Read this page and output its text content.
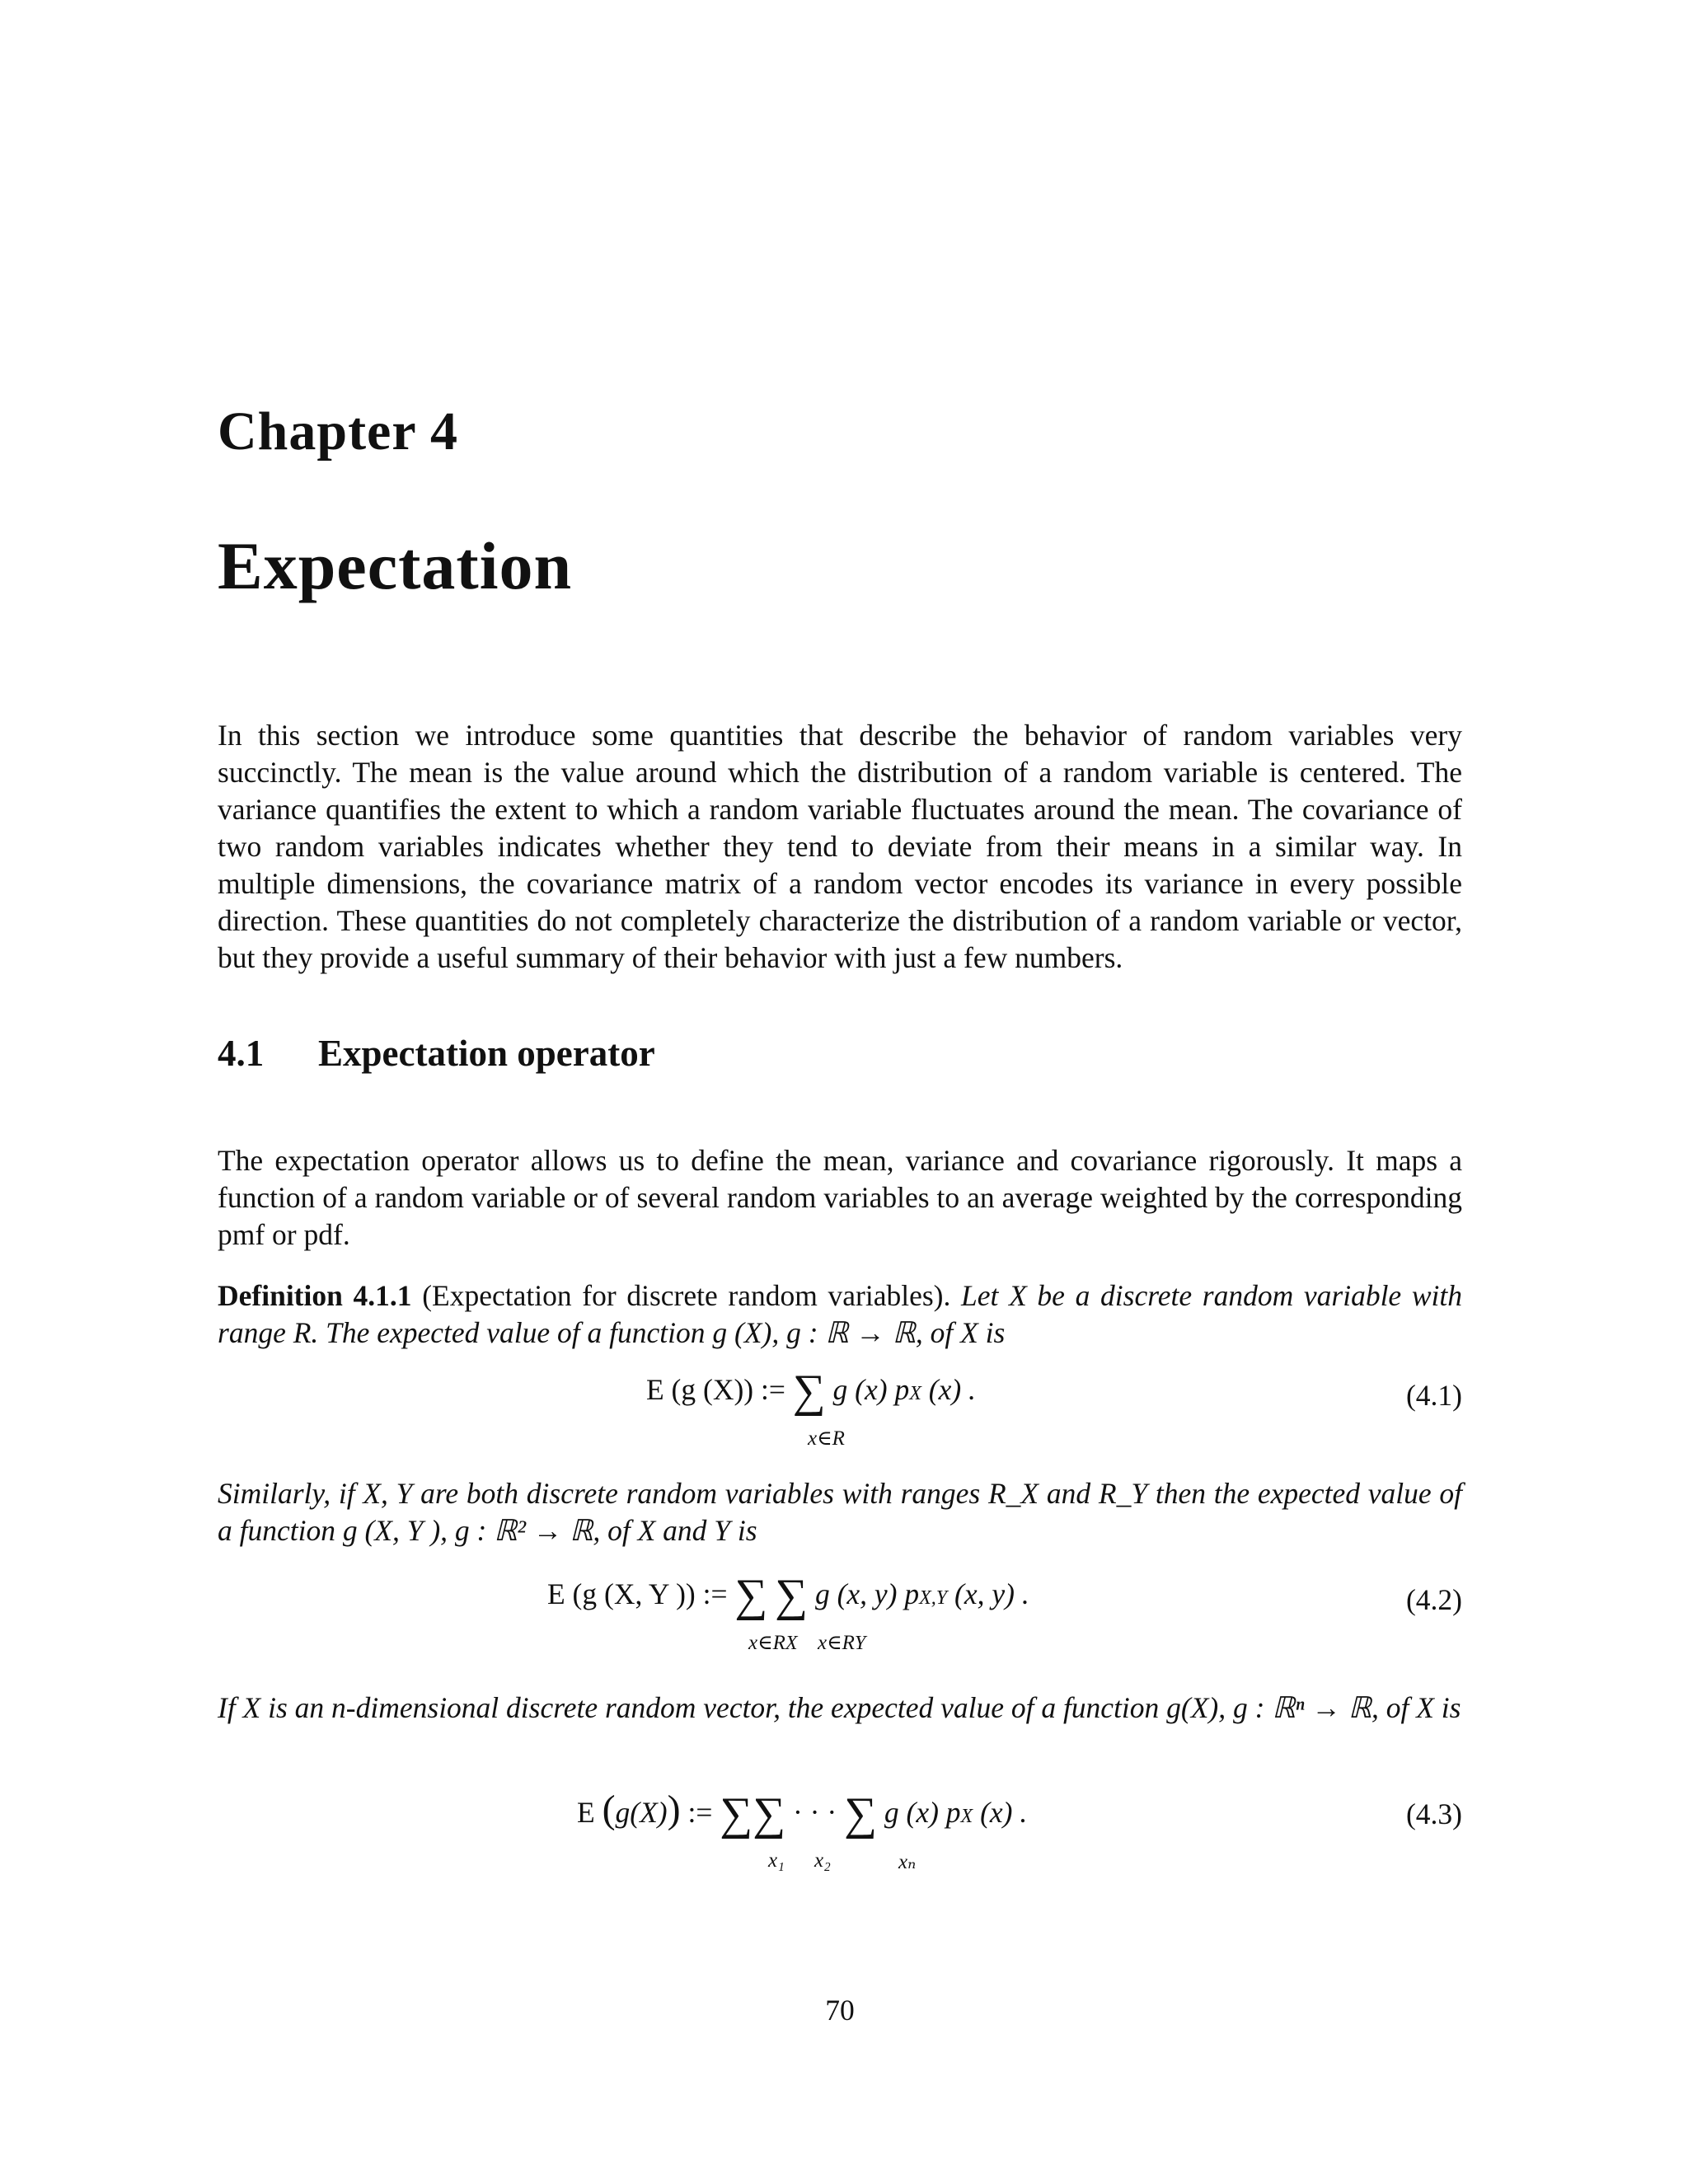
Chapter 4
Expectation
In this section we introduce some quantities that describe the behavior of random variables very succinctly. The mean is the value around which the distribution of a random variable is centered. The variance quantifies the extent to which a random variable fluctuates around the mean. The covariance of two random variables indicates whether they tend to deviate from their means in a similar way. In multiple dimensions, the covariance matrix of a random vector encodes its variance in every possible direction. These quantities do not completely characterize the distribution of a random variable or vector, but they provide a useful summary of their behavior with just a few numbers.
4.1 Expectation operator
The expectation operator allows us to define the mean, variance and covariance rigorously. It maps a function of a random variable or of several random variables to an average weighted by the corresponding pmf or pdf.
Definition 4.1.1 (Expectation for discrete random variables). Let X be a discrete random variable with range R. The expected value of a function g (X), g : ℝ → ℝ, of X is
E (g (X)) := ∑ g (x) pX (x) .
x∈R
(4.1)
Similarly, if X, Y are both discrete random variables with ranges R_X and R_Y then the expected value of a function g (X, Y ), g : ℝ² → ℝ, of X and Y is
E (g (X, Y )) := ∑ ∑ g (x, y) pX,Y (x, y) .
x∈RX x∈RY
(4.2)
If X is an n-dimensional discrete random vector, the expected value of a function g(X), g : ℝⁿ → ℝ, of X is
E (g(X)) := ∑∑ · · · ∑ g (x) pX (x) .
x₁ x₂	xₙ
(4.3)
70
